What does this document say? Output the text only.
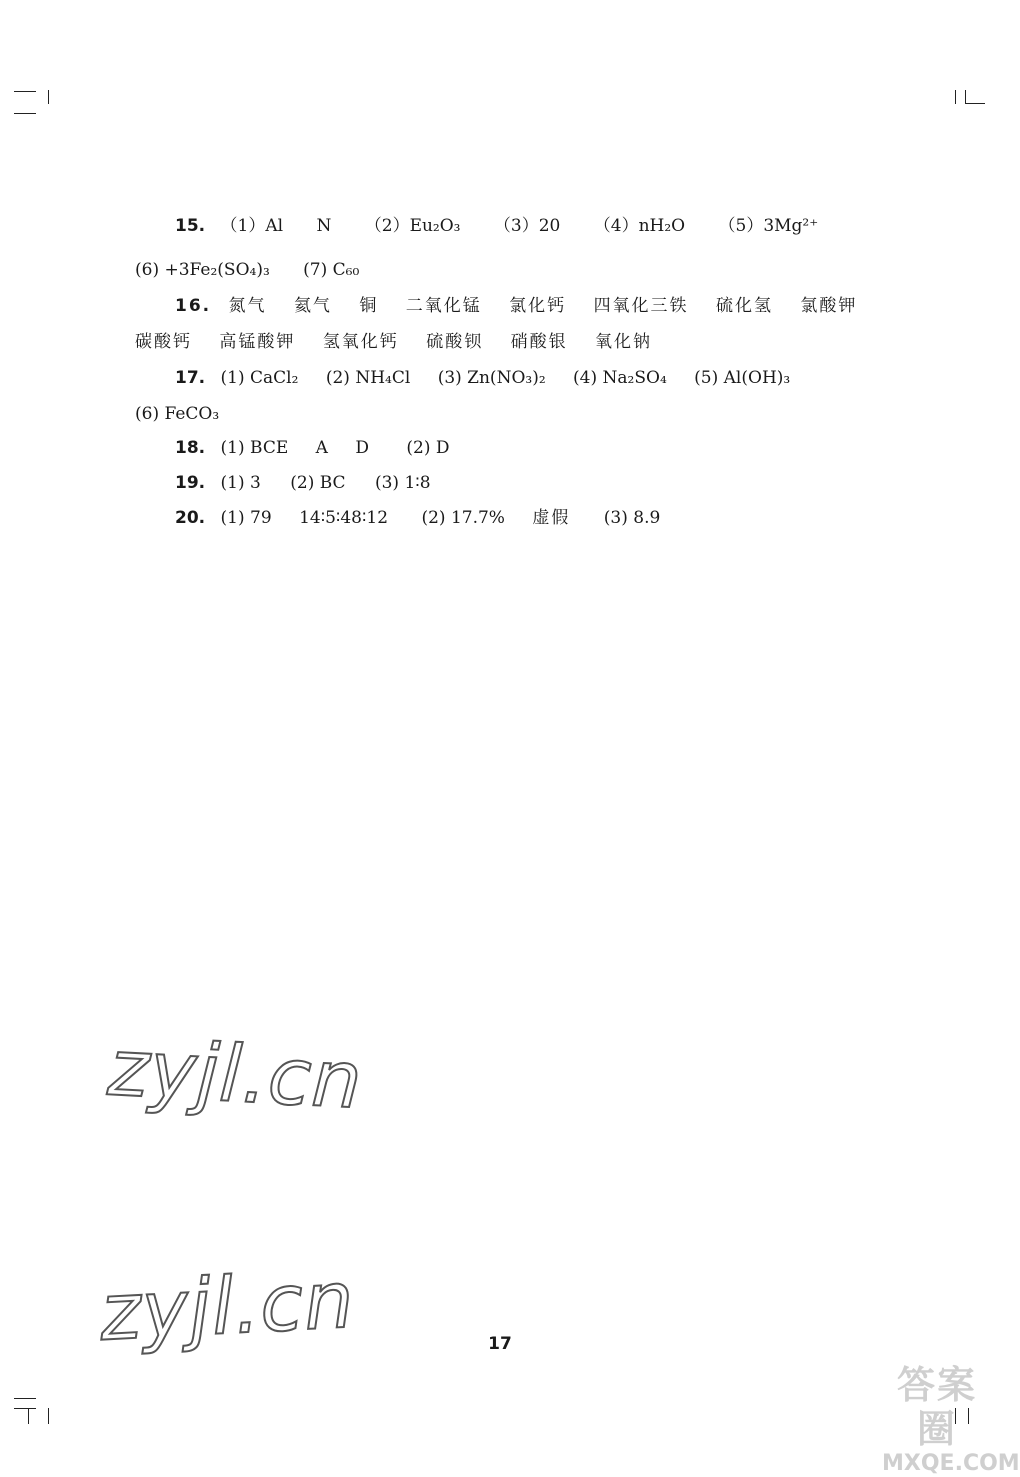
15. （1）Al N （2）Eu₂O₃ （3）20 （4）nH₂O （5）3Mg²⁺
(6) +3Fe₂(SO₄)₃ (7) C₆₀
16. 氮气 氦气 铜 二氧化锰 氯化钙 四氧化三铁 硫化氢 氯酸钾
碳酸钙 高锰酸钾 氢氧化钙 硫酸钡 硝酸银 氧化钠
17. (1) CaCl₂ (2) NH₄Cl (3) Zn(NO₃)₂ (4) Na₂SO₄ (5) Al(OH)₃
(6) FeCO₃
18. (1) BCE A D (2) D
19. (1) 3 (2) BC (3) 1∶8
20. (1) 79 14∶5∶48∶12 (2) 17.7% 虚假 (3) 8.9
zyjl.cn
zyjl.cn	17
答案圈
MXQE.COM
